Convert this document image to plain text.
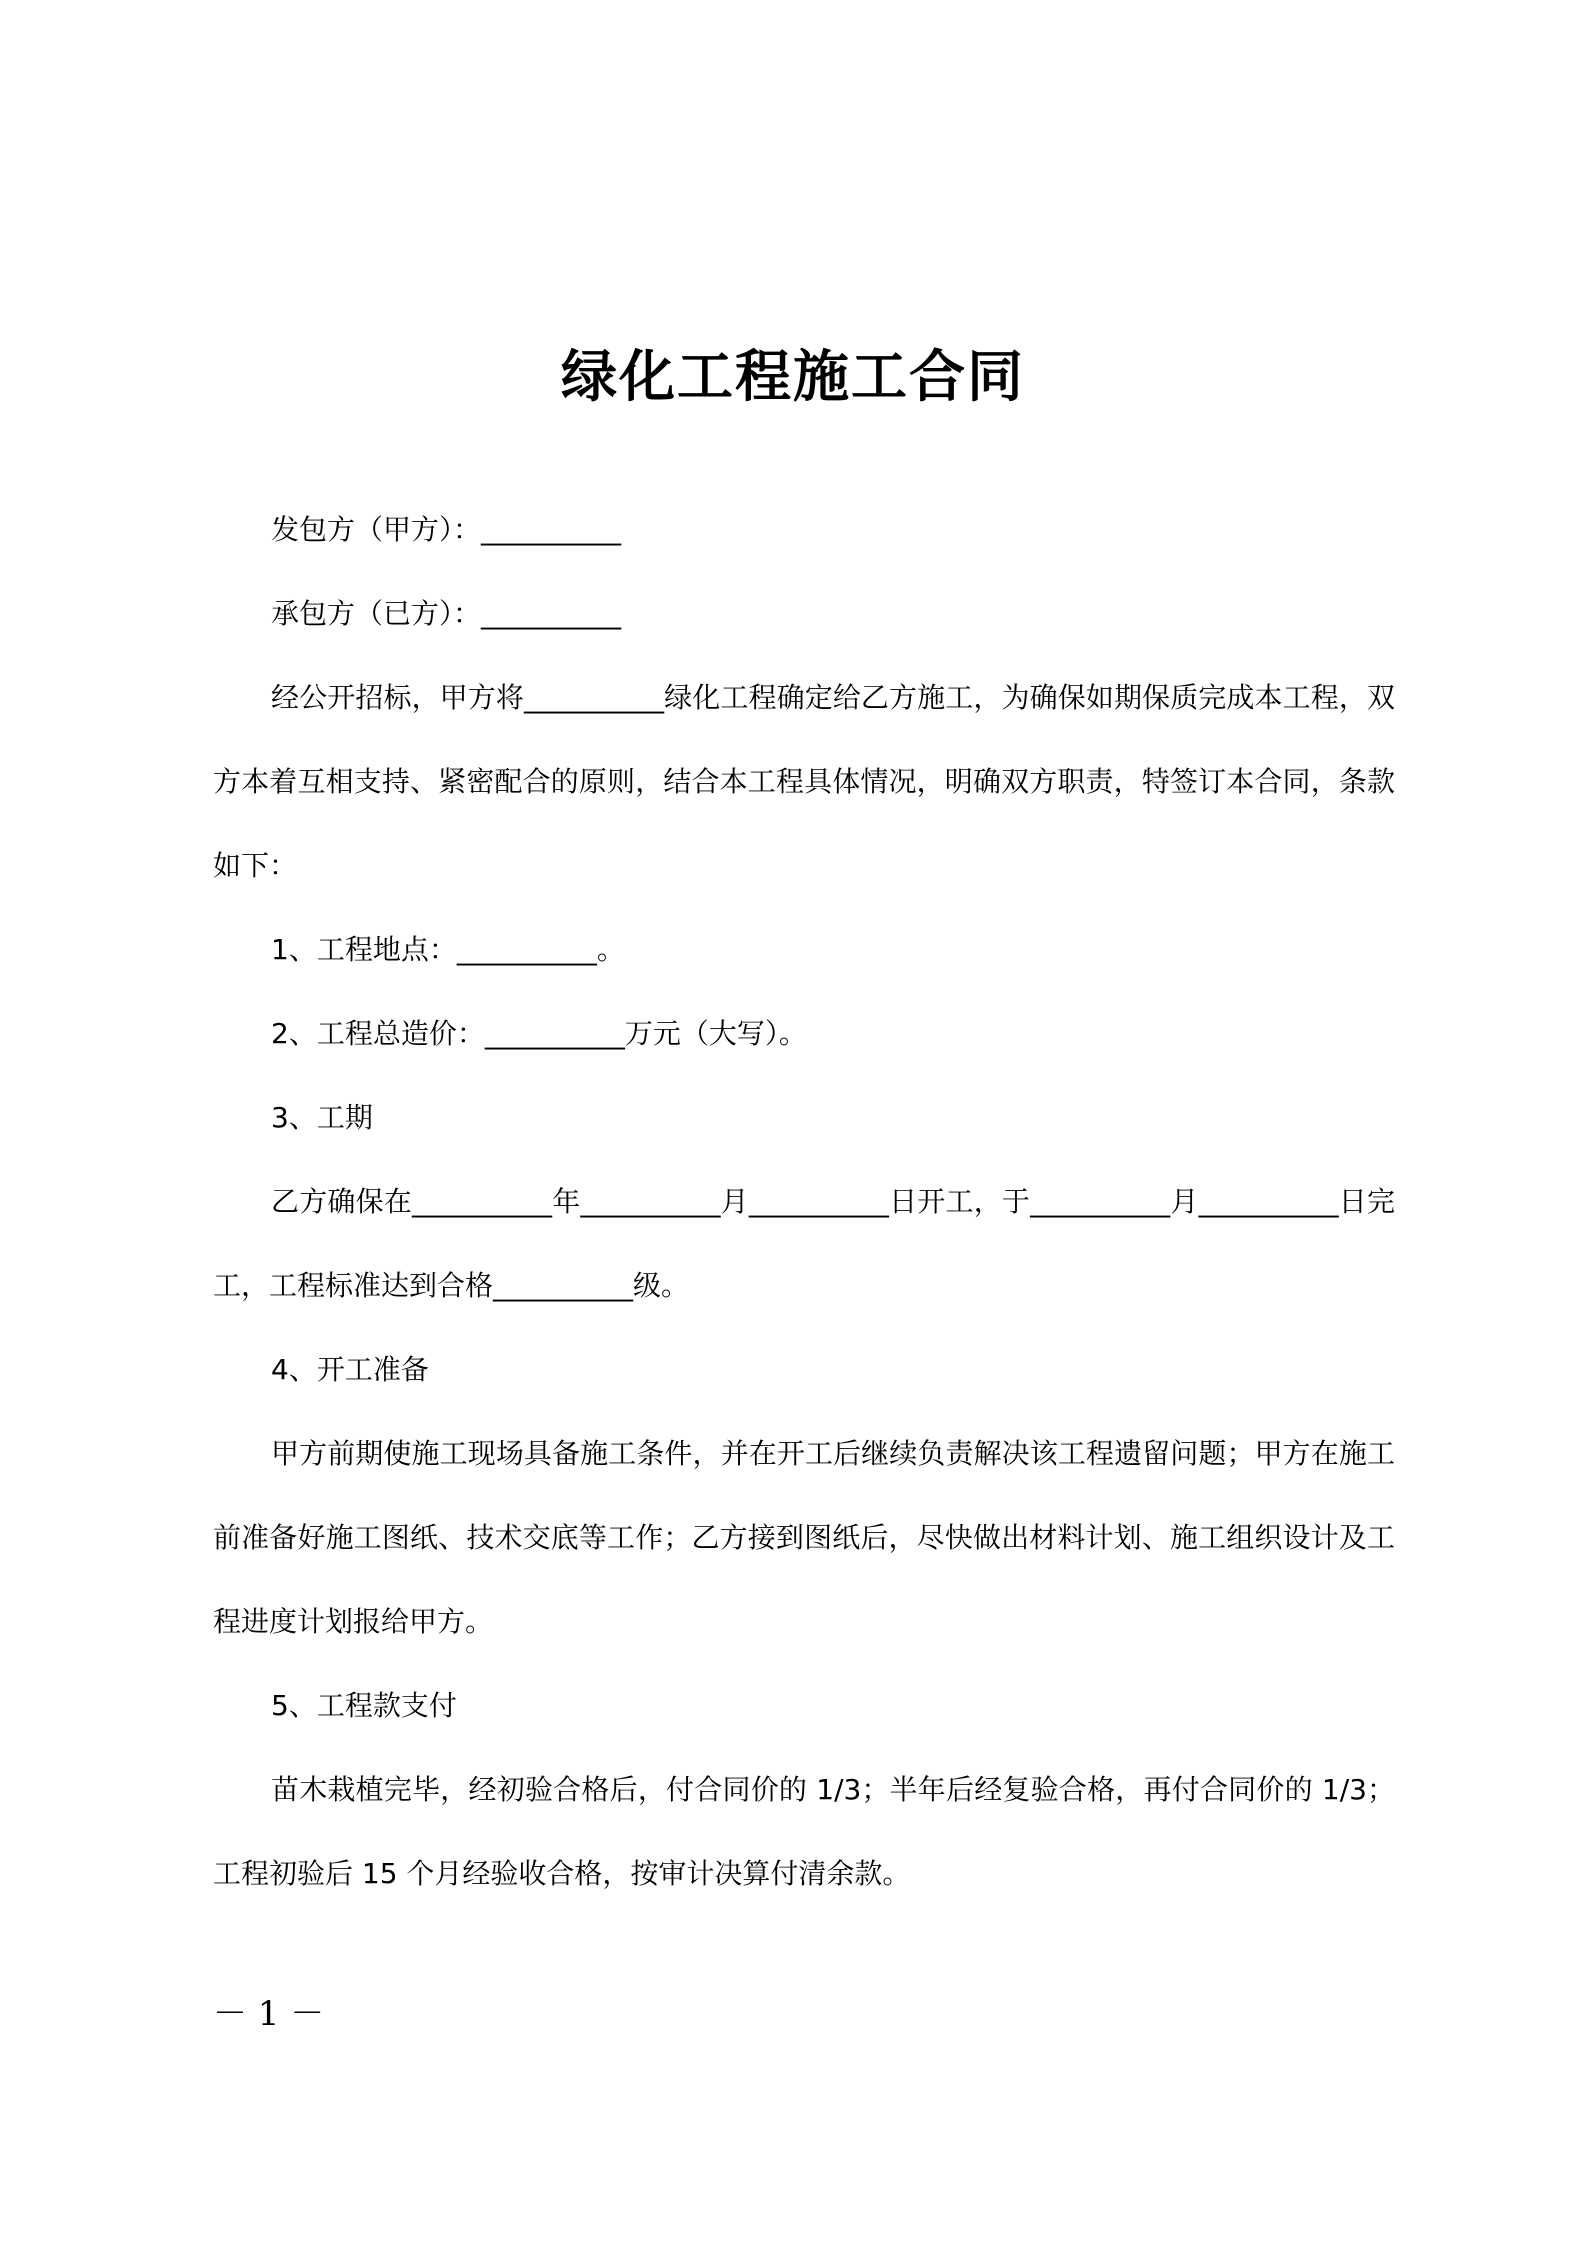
绿化工程施工合同
发包方（甲方）：__________
承包方（已方）：__________
经公开招标，甲方将__________绿化工程确定给乙方施工，为确保如期保质完成本工程，双
方本着互相支持、紧密配合的原则，结合本工程具体情况，明确双方职责，特签订本合同，条款
如下：
1、工程地点：__________。
2、工程总造价：__________万元（大写）。
3、工期
乙方确保在__________年__________月__________日开工，于__________月__________日完
工，工程标准达到合格__________级。
4、开工准备
甲方前期使施工现场具备施工条件，并在开工后继续负责解决该工程遗留问题；甲方在施工
前准备好施工图纸、技术交底等工作；乙方接到图纸后，尽快做出材料计划、施工组织设计及工
程进度计划报给甲方。
5、工程款支付
苗木栽植完毕，经初验合格后，付合同价的 1/3；半年后经复验合格，再付合同价的 1/3；
工程初验后 15 个月经验收合格，按审计决算付清余款。
－ 1 －
